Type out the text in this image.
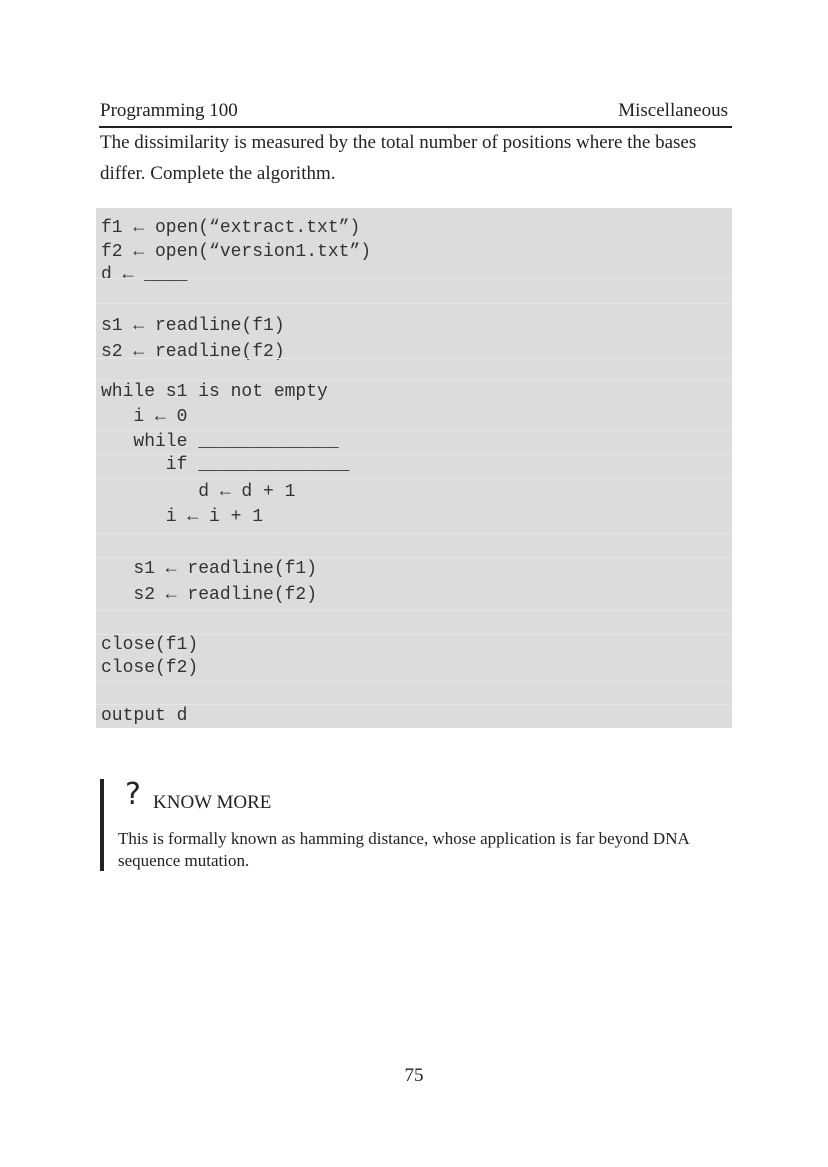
Programming 100	Miscellaneous
The dissimilarity is measured by the total number of positions where the bases differ. Complete the algorithm.
f1 ← open(“extract.txt”)
f2 ← open(“version1.txt”)
d ← ____
s1 ← readline(f1)
s2 ← readline(f2)
while s1 is not empty
i ← 0
while _____________
if ______________
d ← d + 1
i ← i + 1
s1 ← readline(f1)
s2 ← readline(f2)
close(f1)
close(f2)
output d
? KNOW MORE
This is formally known as hamming distance, whose application is far beyond DNA sequence mutation.
75
